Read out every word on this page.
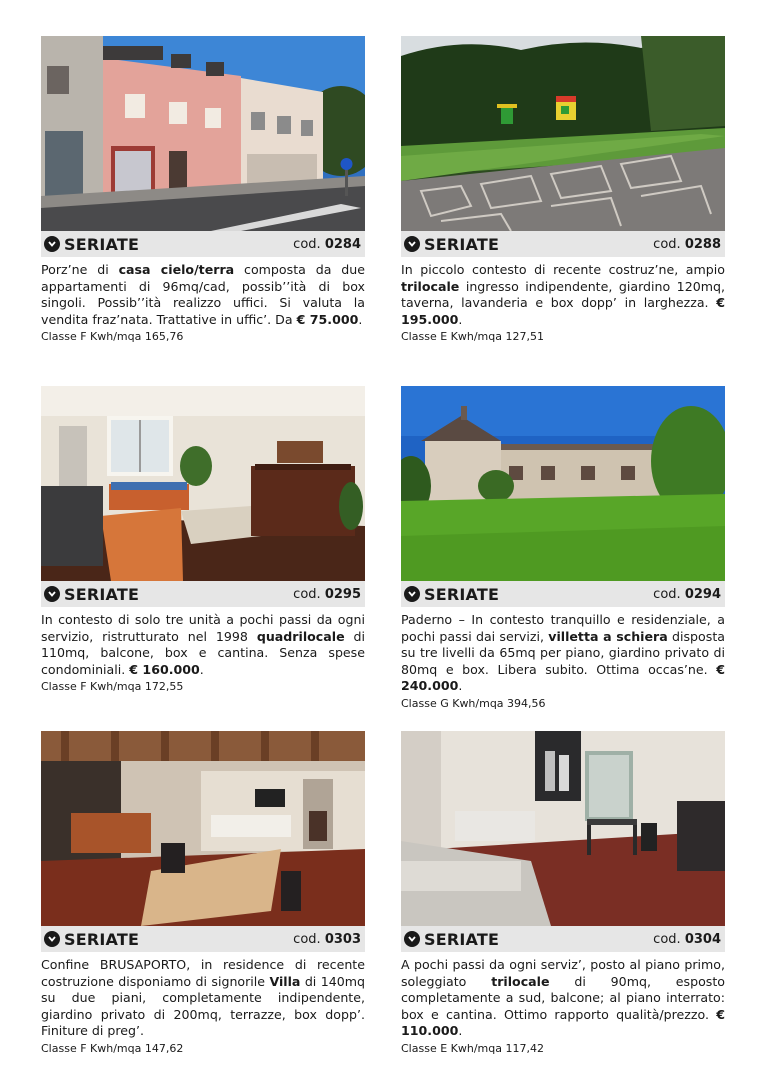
SERIATE	cod. 0284

Porz’ne di casa cielo/terra composta da due appartamenti di 96mq/cad, possib’’ità di box singoli. Possib’’ità realizzo uffici. Si valuta la vendita fraz’nata. Trattative in uffic’. Da € 75.000.

Classe F Kwh/mqa 165,76
SERIATE	cod. 0288

In piccolo contesto di recente costruz’ne, ampio trilocale ingresso indipendente, giardino 120mq, taverna, lavanderia e box dopp’ in larghezza. € 195.000.

Classe E Kwh/mqa 127,51
SERIATE	cod. 0295

In contesto di solo tre unità a pochi passi da ogni servizio, ristrutturato nel 1998 quadrilocale di 110mq, balcone, box e cantina. Senza spese condominiali. € 160.000.

Classe F Kwh/mqa 172,55
SERIATE	cod. 0294

Paderno – In contesto tranquillo e residenziale, a pochi passi dai servizi, villetta a schiera disposta su tre livelli da 65mq per piano, giardino privato di 80mq e box. Libera subito. Ottima occas’ne. € 240.000.

Classe G Kwh/mqa 394,56
SERIATE	cod. 0303

Confine BRUSAPORTO, in residence di recente costruzione disponiamo di signorile Villa di 140mq su due piani, completamente indipendente, giardino privato di 200mq, terrazze, box dopp’. Finiture di preg’.

Classe F Kwh/mqa 147,62
SERIATE	cod. 0304

A pochi passi da ogni serviz’, posto al piano primo, soleggiato trilocale di 90mq, esposto completamente a sud, balcone; al piano interrato: box e cantina. Ottimo rapporto qualità/prezzo. € 110.000.

Classe E Kwh/mqa 117,42
